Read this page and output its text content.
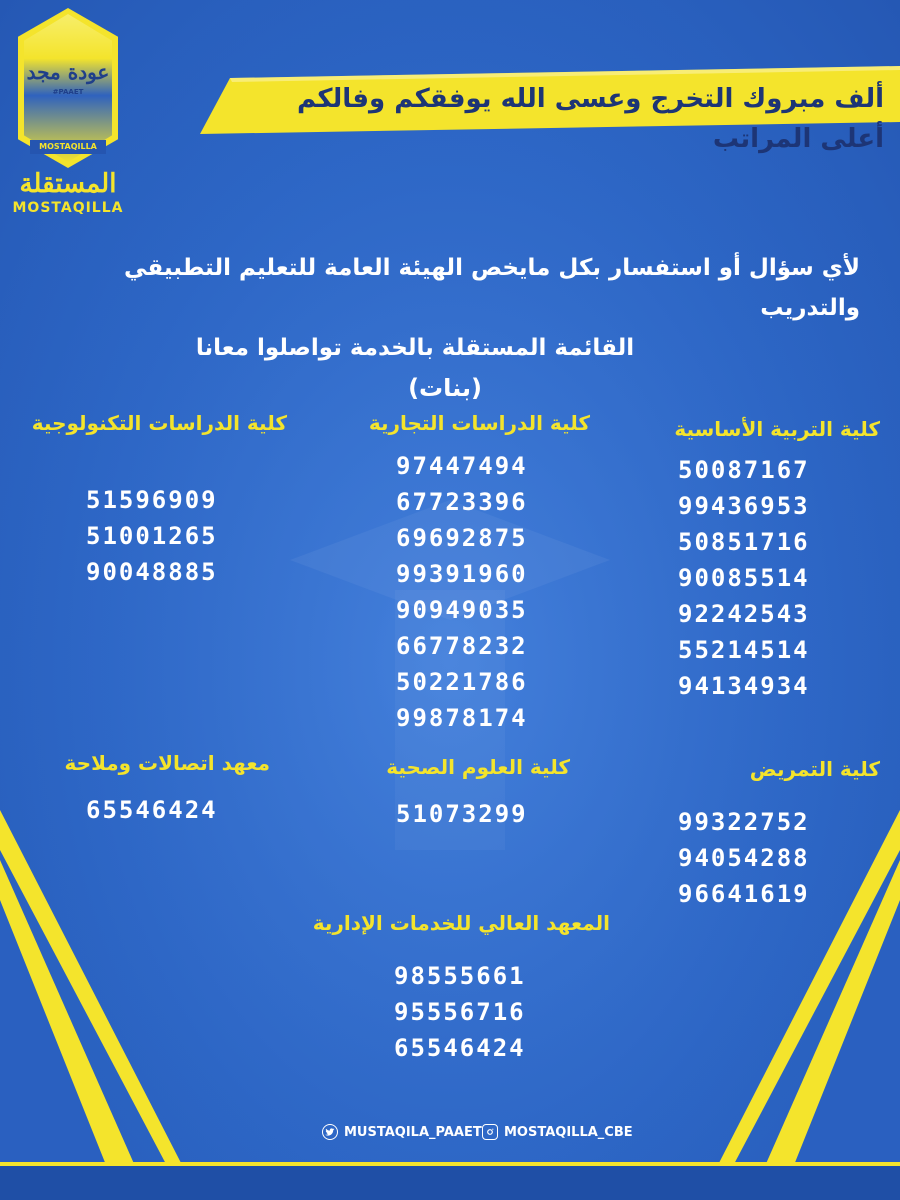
ألف مبروك التخرج وعسى الله يوفقكم وفالكم أعلى المراتب
عودة مجد
#PAAET
MOSTAQILLA
المستقلة
MOSTAQILLA
لأي سؤال أو استفسار بكل مايخص الهيئة العامة للتعليم التطبيقي والتدريب
القائمة المستقلة بالخدمة تواصلوا معانا
(بنات)
كلية التربية الأساسية
50087167
99436953
50851716
90085514
92242543
55214514
94134934
كلية الدراسات التجارية
97447494
67723396
69692875
99391960
90949035
66778232
50221786
99878174
كلية الدراسات التكنولوجية
51596909
51001265
90048885
كلية التمريض
99322752
94054288
96641619
كلية العلوم الصحية
51073299
معهد اتصالات وملاحة
65546424
المعهد العالي للخدمات الإدارية
98555661
95556716
65546424
MUSTAQILA_PAAET MOSTAQILLA_CBE
